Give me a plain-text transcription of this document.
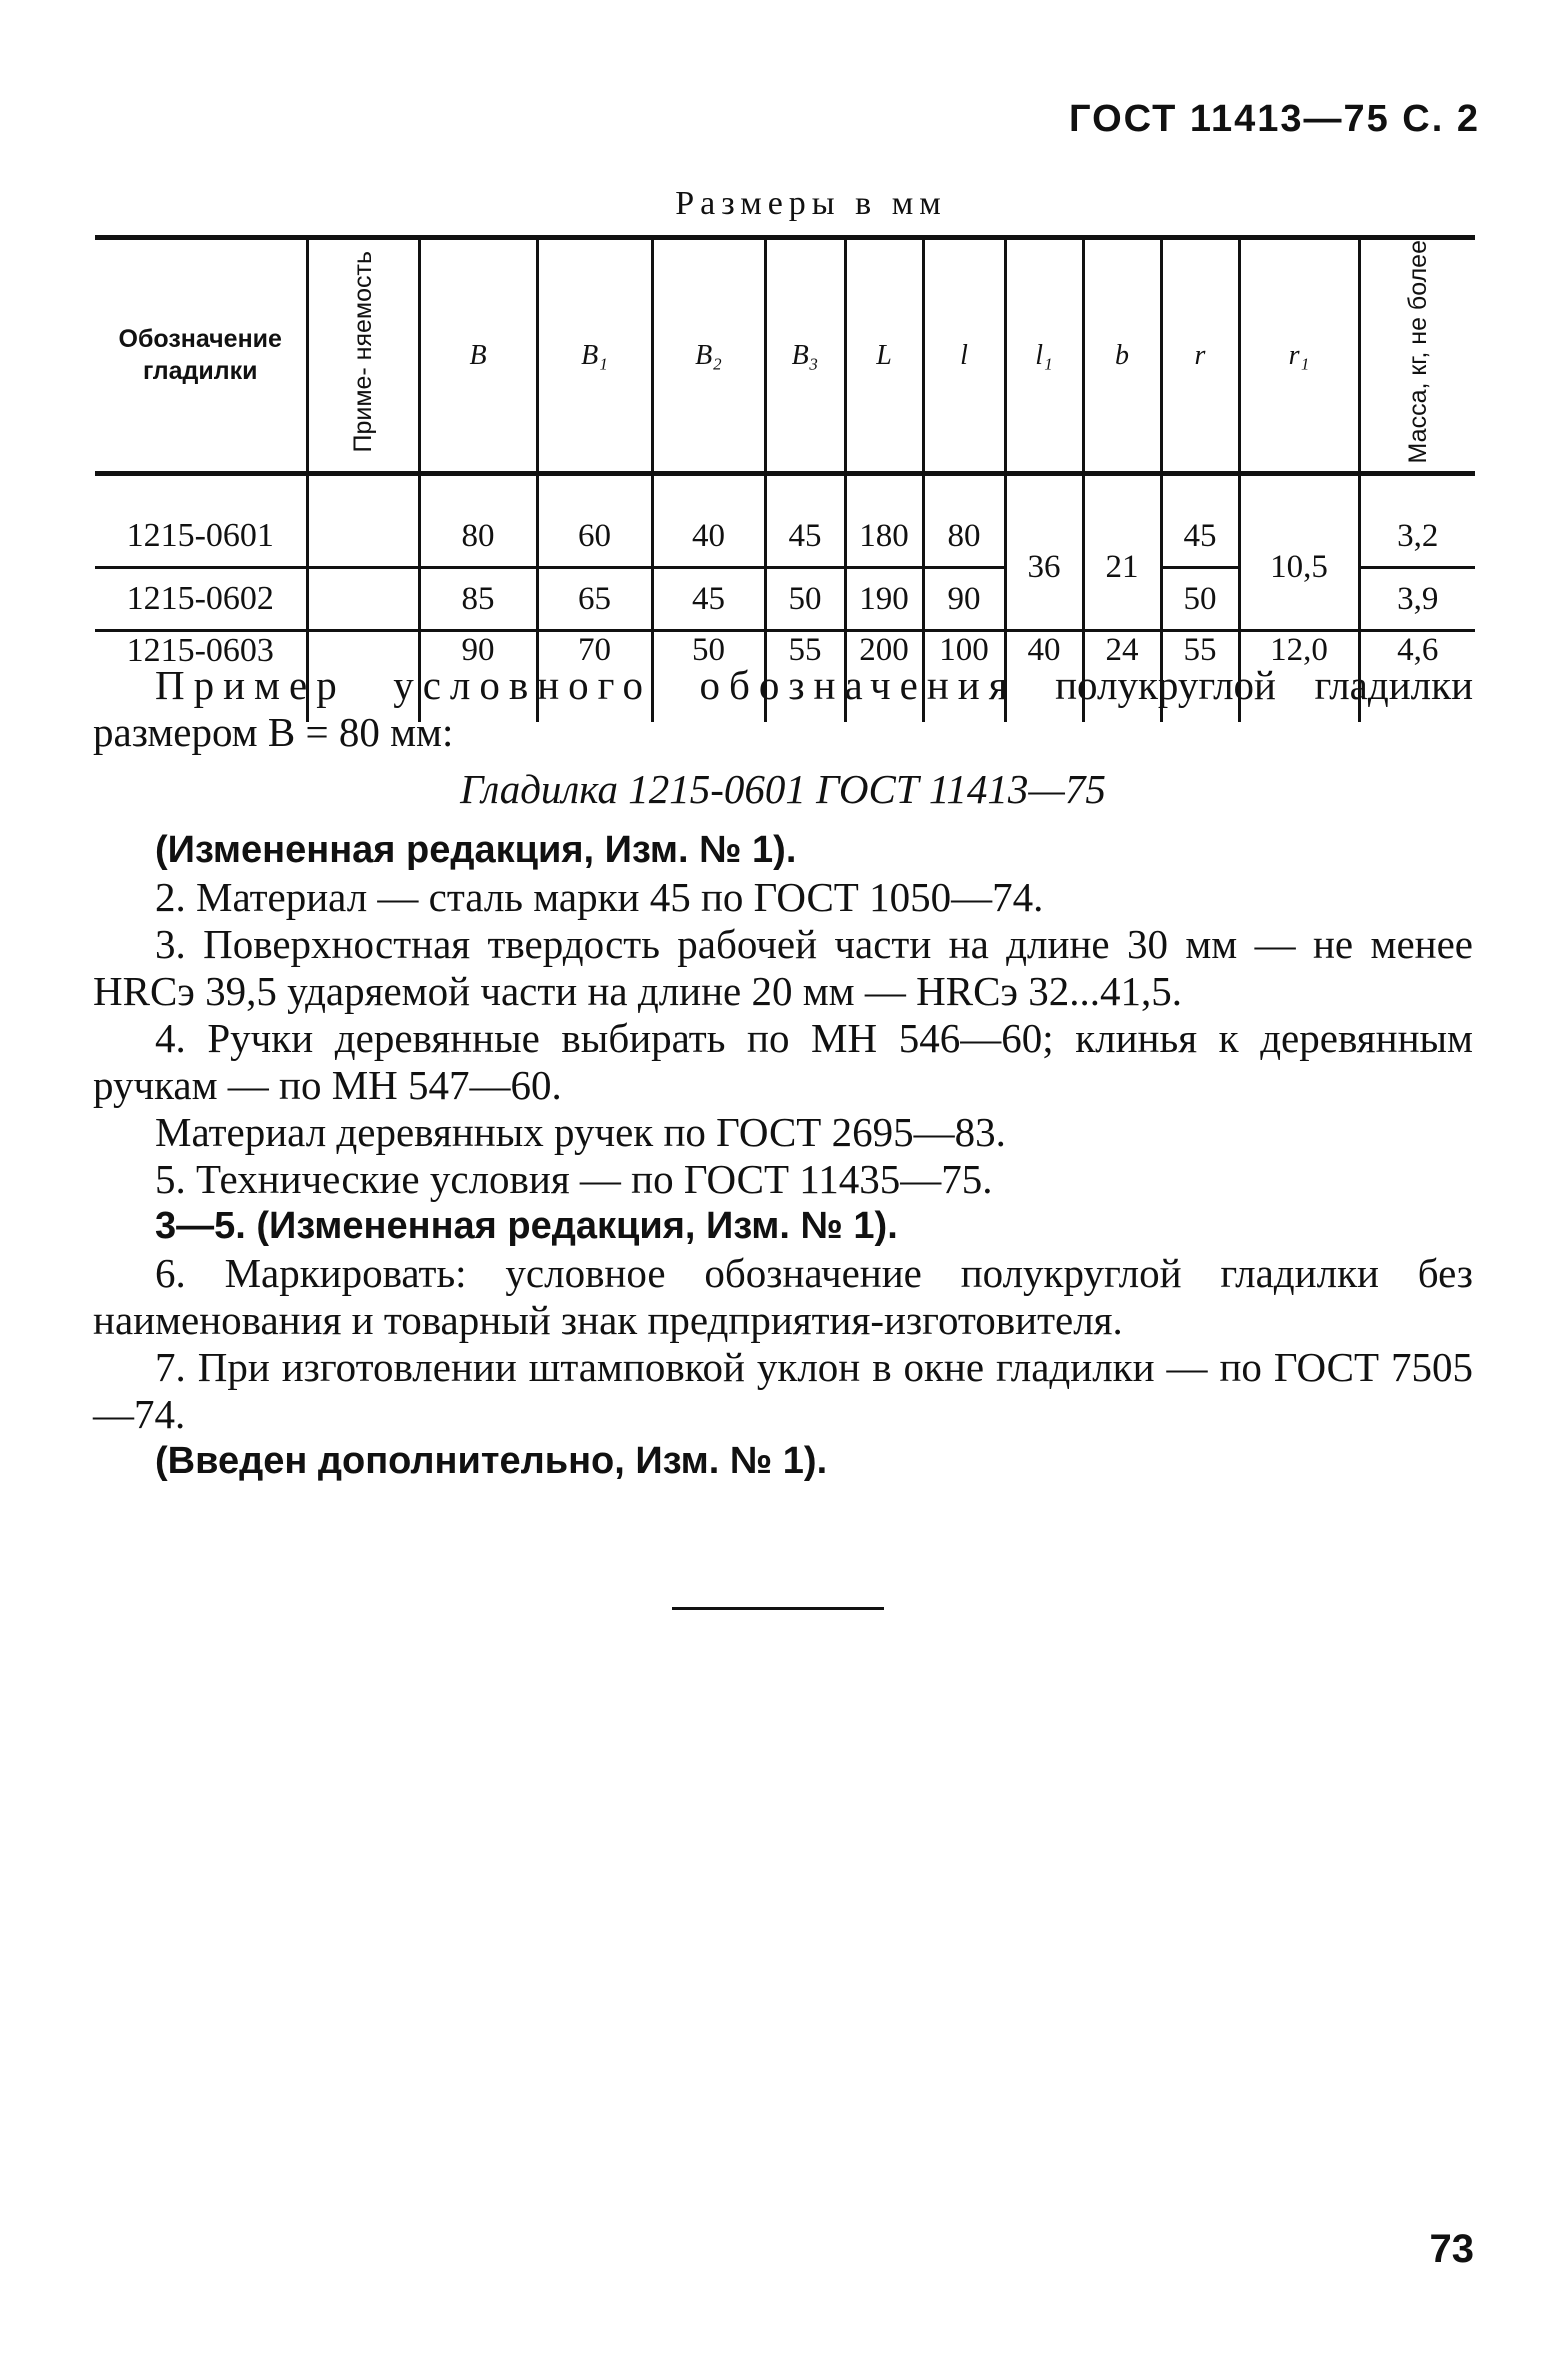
ГОСТ 11413—75 С. 2
Размеры в мм
Обозначение гладилки	Приме- няемость	B	B₁	B₂	B₃	L	l	l₁	b	r	r₁	Масса, кг, не более
1215-0601		80	60	40	45	180	80	36	21	45	10,5	3,2
1215-0602		85	65	45	50	190	90			50		3,9
1215-0603		90	70	50	55	200	100	40	24	55	12,0	4,6

Пример условного обозначения полукруглой гладилки размером B = 80 мм:

Гладилка 1215-0601 ГОСТ 11413—75

(Измененная редакция, Изм. № 1).

2. Материал — сталь марки 45 по ГОСТ 1050—74.

3. Поверхностная твердость рабочей части на длине 30 мм — не менее HRCэ 39,5 ударяемой части на длине 20 мм — HRCэ 32...41,5.

4. Ручки деревянные выбирать по МН 546—60; клинья к деревянным ручкам — по МН 547—60.

Материал деревянных ручек по ГОСТ 2695—83.

5. Технические условия — по ГОСТ 11435—75.

3—5. (Измененная редакция, Изм. № 1).

6. Маркировать: условное обозначение полукруглой гладилки без наименования и товарный знак предприятия-изготовителя.

7. При изготовлении штамповкой уклон в окне гладилки — по ГОСТ 7505—74.

(Введен дополнительно, Изм. № 1).

73
